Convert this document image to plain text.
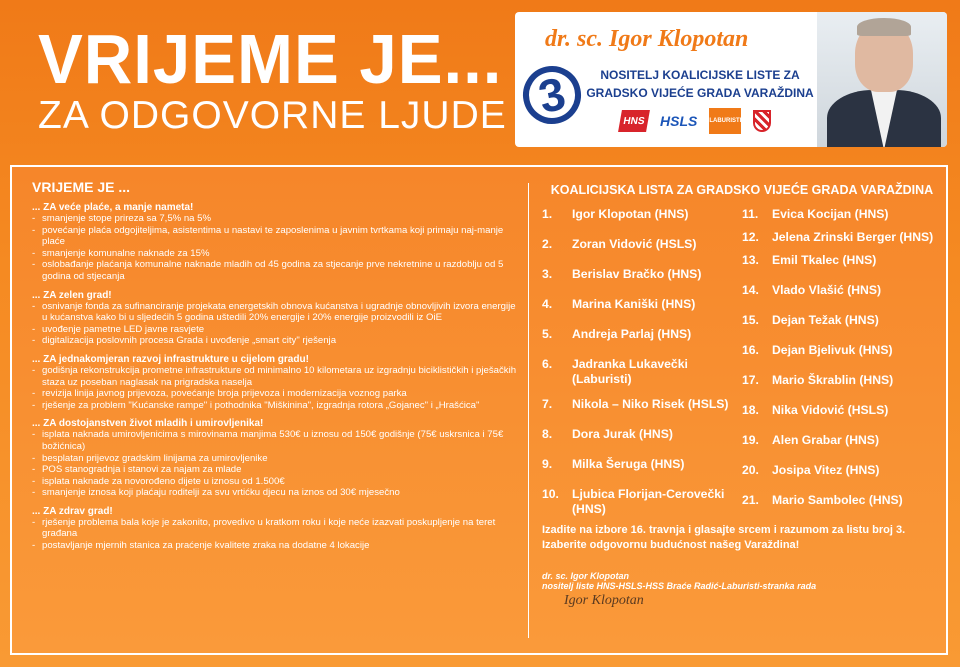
VRIJEME JE...
ZA ODGOVORNE LJUDE
dr. sc. Igor Klopotan
3	NOSITELJ KOALICIJSKE LISTE ZA
GRADSKO VIJEĆE GRADA VARAŽDINA
HNS	HSLS LABURISTI
VRIJEME JE ...
... ZA veće plaće, a manje nameta!
- smanjenje stope prireza sa 7,5% na 5%
- povećanje plaća odgojiteljima, asistentima u nastavi te zaposlenima u javnim tvrtkama koji primaju naj-manje plaće
- smanjenje komunalne naknade za 15%
- oslobađanje plaćanja komunalne naknade mladih od 45 godina za stjecanje prve nekretnine u razdoblju od 5 godina od stjecanja
... ZA zelen grad!
- osnivanje fonda za sufinanciranje projekata energetskih obnova kućanstva i ugradnje obnovljivih izvora energije u kućanstva kako bi u sljedećih 5 godina uštedili 20% energije i 20% energije proizvodili iz OiE
- uvođenje pametne LED javne rasvjete
- digitalizacija poslovnih procesa Grada i uvođenje „smart city" rješenja
... ZA jednakomjeran razvoj infrastrukture u cijelom gradu!
- godišnja rekonstrukcija prometne infrastrukture od minimalno 10 kilometara uz izgradnju biciklističkih i pješačkih staza uz poseban naglasak na prigradska naselja
- revizija linija javnog prijevoza, povećanje broja prijevoza i modernizacija voznog parka
- rješenje za problem "Kućanske rampe" i pothodnika "Miškinina", izgradnja rotora „Gojanec" i „Hrašćica"
... ZA dostojanstven život mladih i umirovljenika!
- isplata naknada umirovljenicima s mirovinama manjima 530€ u iznosu od 150€ godišnje (75€ uskrsnica i 75€ božićnica)
- besplatan prijevoz gradskim linijama za umirovljenike
- POS stanogradnja i stanovi za najam za mlade
- isplata naknade za novorođeno dijete u iznosu od 1.500€
- smanjenje iznosa koji plaćaju roditelji za svu vrtićku djecu na iznos od 30€ mjesečno
... ZA zdrav grad!
- rješenje problema bala koje je zakonito, provedivo u kratkom roku i koje neće izazvati poskupljenje na teret građana
- postavljanje mjernih stanica za praćenje kvalitete zraka na dodatne 4 lokacije
KOALICIJSKA LISTA ZA GRADSKO VIJEĆE GRADA VARAŽDINA
1.	Igor Klopotan (HNS)
2.	Zoran Vidović (HSLS)
3.	Berislav Bračko (HNS)
4.	Marina Kaniški (HNS)
5.	Andreja Parlaj (HNS)
6.	Jadranka Lukavečki (Laburisti)
7.	Nikola – Niko Risek (HSLS)
8.	Dora Jurak (HNS)
9.	Milka Šeruga (HNS)
10.	Ljubica Florijan-Cerovečki (HNS)
11.	Evica Kocijan (HNS)
12.	Jelena Zrinski Berger (HNS)
13.	Emil Tkalec (HNS)
14.	Vlado Vlašić (HNS)
15.	Dejan Težak (HNS)
16.	Dejan Bjelivuk (HNS)
17.	Mario Škrablin (HNS)
18.	Nika Vidović (HSLS)
19.	Alen Grabar (HNS)
20.	Josipa Vitez (HNS)
21.	Mario Sambolec (HNS)
Izadite na izbore 16. travnja i glasajte srcem i razumom za listu broj 3.
Izaberite odgovornu budućnost našeg Varaždina!
dr. sc. Igor Klopotan
nositelj liste HNS-HSLS-HSS Braće Radić-Laburisti-stranka rada
Igor Klopotan
